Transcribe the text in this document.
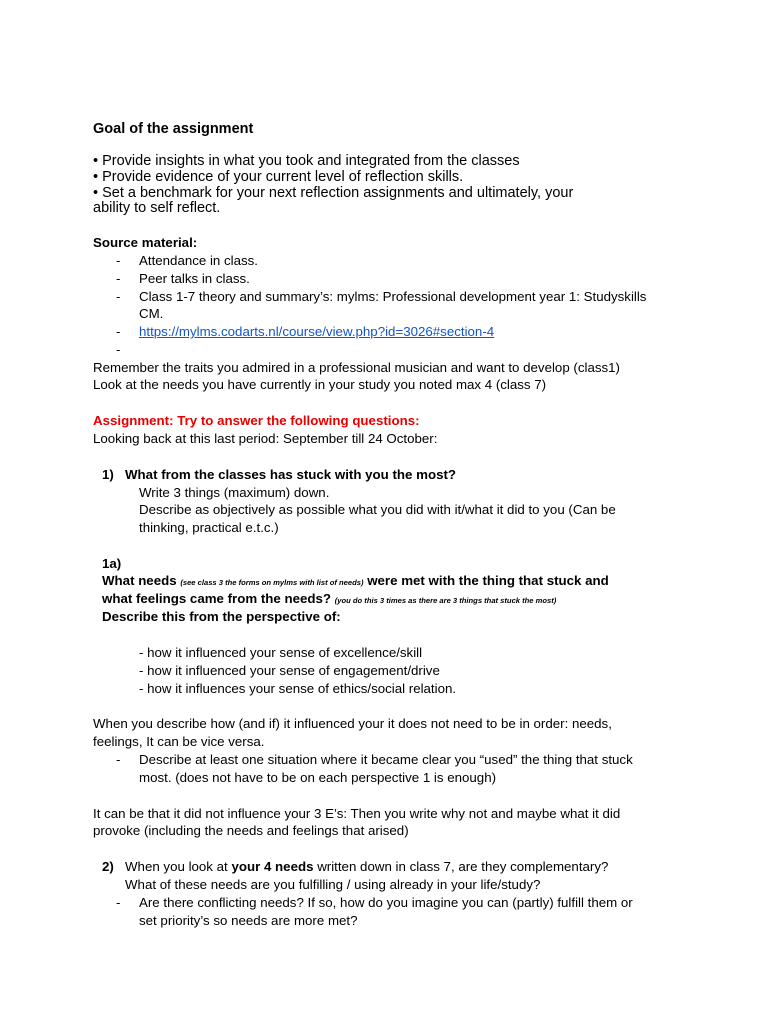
Goal of the assignment
• Provide insights in what you took and integrated from the classes
• Provide evidence of your current level of reflection skills.
• Set a benchmark for your next reflection assignments and ultimately, your
ability to self reflect.
Source material:
- Attendance in class.
- Peer talks in class.
- Class 1-7 theory and summary’s: mylms: Professional development year 1: Studyskills
CM.
- https://mylms.codarts.nl/course/view.php?id=3026#section-4
-
Remember the traits you admired in a professional musician and want to develop (class1)
Look at the needs you have currently in your study you noted max 4 (class 7)
Assignment: Try to answer the following questions:
Looking back at this last period: September till 24 October:
1) What from the classes has stuck with you the most?
Write 3 things (maximum) down.
Describe as objectively as possible what you did with it/what it did to you (Can be
thinking, practical e.t.c.)
1a)
What needs (see class 3 the forms on mylms with list of needs) were met with the thing that stuck and
what feelings came from the needs? (you do this 3 times as there are 3 things that stuck the most)
Describe this from the perspective of:
- how it influenced your sense of excellence/skill
- how it influenced your sense of engagement/drive
- how it influences your sense of ethics/social relation.
When you describe how (and if) it influenced your it does not need to be in order: needs,
feelings, It can be vice versa.
- Describe at least one situation where it became clear you “used” the thing that stuck
most. (does not have to be on each perspective 1 is enough)
It can be that it did not influence your 3 E’s: Then you write why not and maybe what it did
provoke (including the needs and feelings that arised)
2) When you look at your 4 needs written down in class 7, are they complementary?
What of these needs are you fulfilling / using already in your life/study?
- Are there conflicting needs? If so, how do you imagine you can (partly) fulfill them or
set priority’s so needs are more met?
